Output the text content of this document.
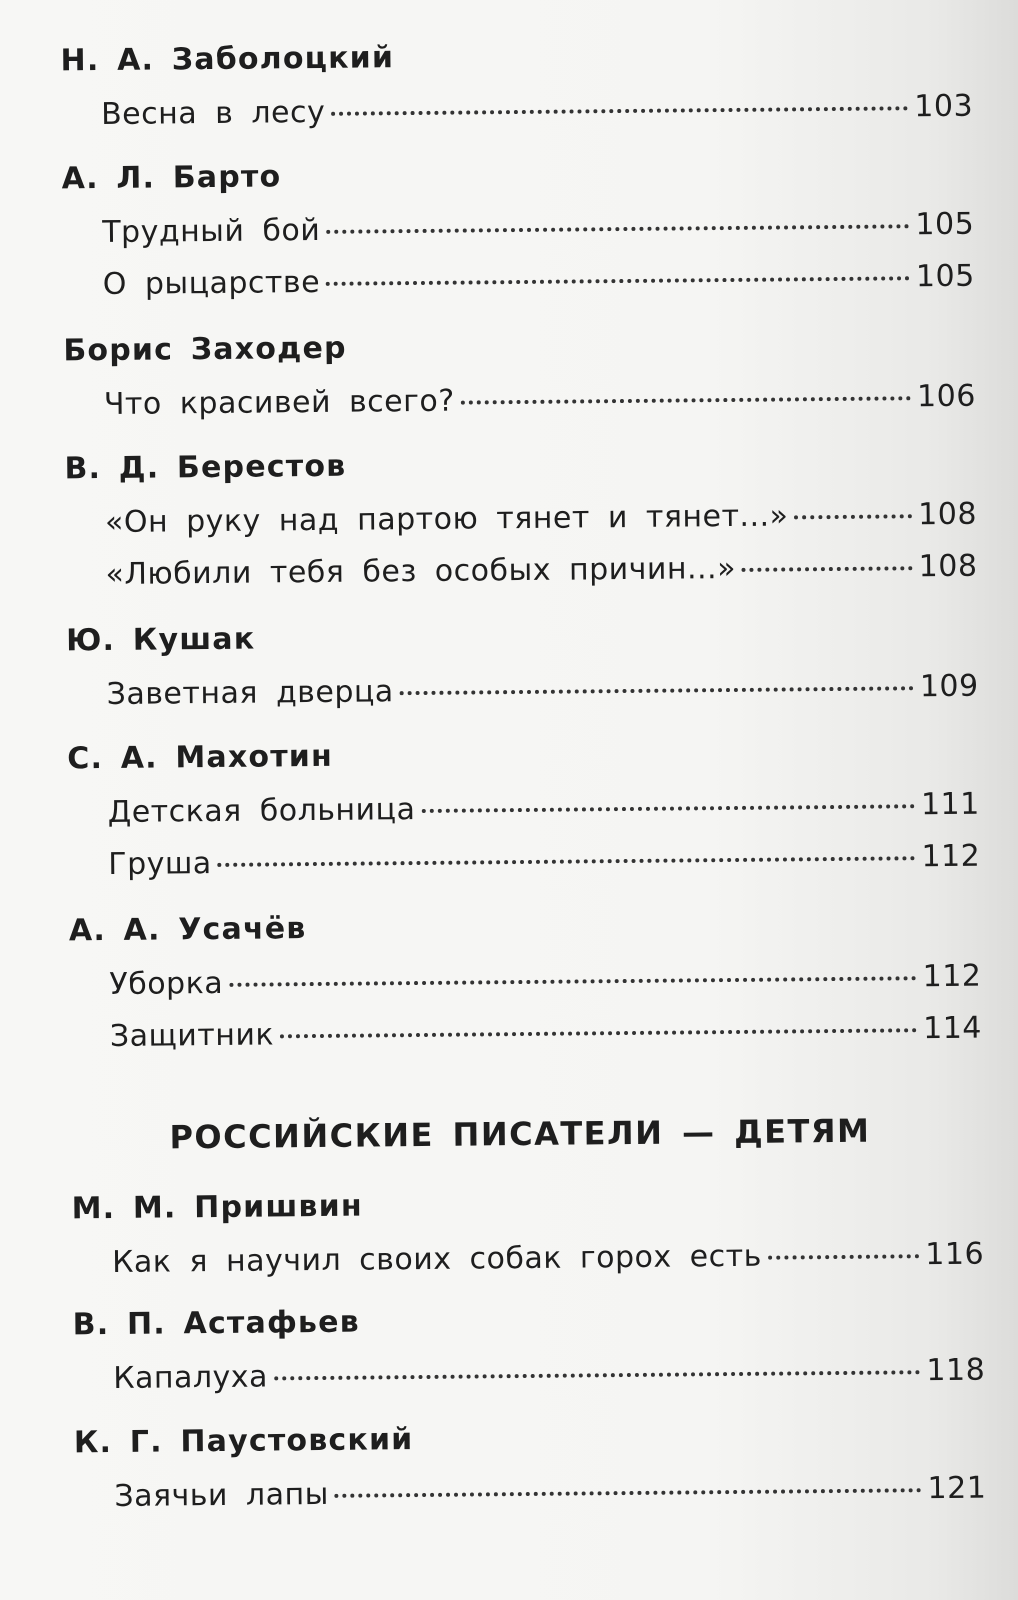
Н. А. Заболоцкий
Весна в лесу	103
А. Л. Барто
Трудный бой	105
О рыцарстве	105
Борис Заходер
Что красивей всего?	106
В. Д. Берестов
«Он руку над партою тянет и тянет...»	108
«Любили тебя без особых причин...»	108
Ю. Кушак
Заветная дверца	109
С. А. Махотин
Детская больница	111
Груша	112
А. А. Усачёв
Уборка	112
Защитник	114
РОССИЙСКИЕ ПИСАТЕЛИ — ДЕТЯМ
М. М. Пришвин
Как я научил своих собак горох есть	116
В. П. Астафьев
Капалуха	118
К. Г. Паустовский
Заячьи лапы	121
